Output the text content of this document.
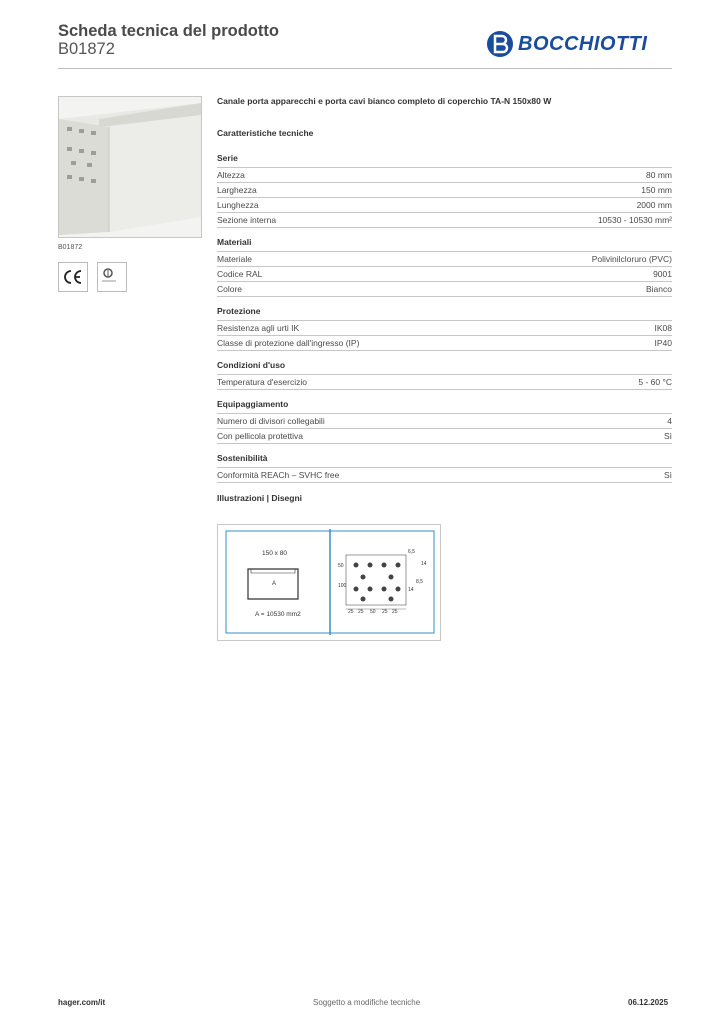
Scheda tecnica del prodotto
B01872	BOCCHIOTTI
B01872
Canale porta apparecchi e porta cavi bianco completo di coperchio TA-N 150x80 W
Caratteristiche tecniche
Serie
Altezza	80 mm
Larghezza	150 mm
Lunghezza	2000 mm
Sezione interna	10530 - 10530 mm²
Materiali
Materiale	Polivinilcloruro (PVC)
Codice RAL	9001
Colore	Bianco
Protezione
Resistenza agli urti IK	IK08
Classe di protezione dall'ingresso (IP)	IP40
Condizioni d'uso
Temperatura d'esercizio	5 - 60 °C
Equipaggiamento
Numero di divisori collegabili	4
Con pellicola protettiva	Sì
Sostenibilità
Conformità REACh – SVHC free	Sì
Illustrazioni | Disegni
150 x 80
A
A = 10530 mm2
6,5
14
8,5
50
100
14
25 25 50 25 25
hager.com/it	Soggetto a modifiche tecniche	06.12.2025
